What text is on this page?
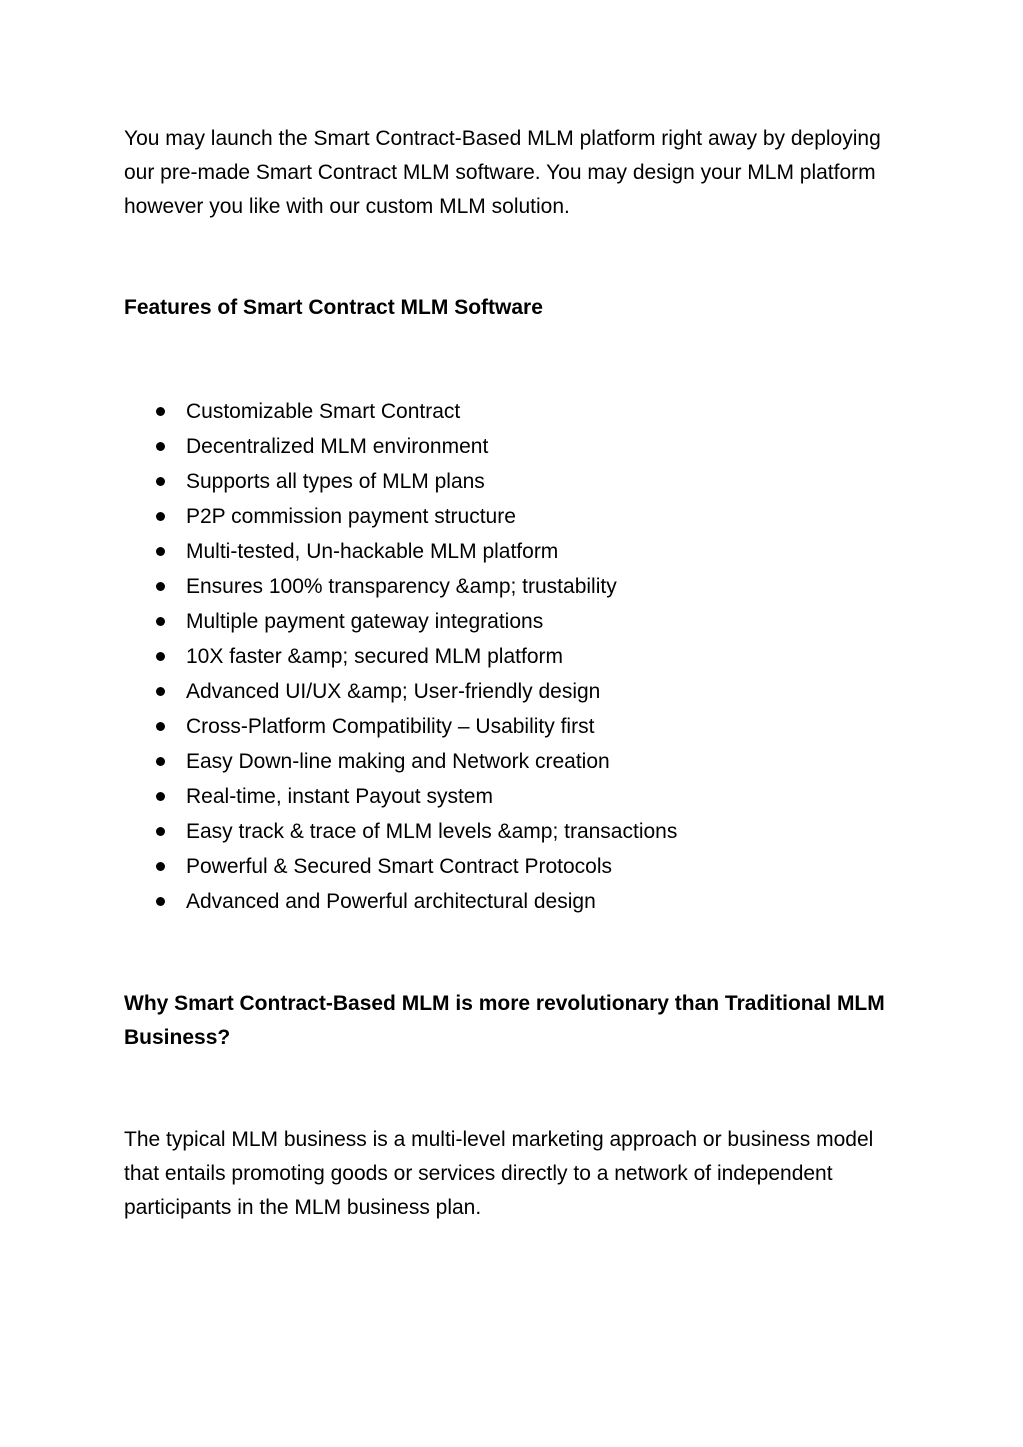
You may launch the Smart Contract-Based MLM platform right away by deploying our pre-made Smart Contract MLM software. You may design your MLM platform however you like with our custom MLM solution.

Features of Smart Contract MLM Software
Customizable Smart Contract
Decentralized MLM environment
Supports all types of MLM plans
P2P commission payment structure
Multi-tested, Un-hackable MLM platform
Ensures 100% transparency &amp; trustability
Multiple payment gateway integrations
10X faster &amp; secured MLM platform
Advanced UI/UX &amp; User-friendly design
Cross-Platform Compatibility – Usability first
Easy Down-line making and Network creation
Real-time, instant Payout system
Easy track & trace of MLM levels &amp; transactions
Powerful & Secured Smart Contract Protocols
Advanced and Powerful architectural design
Why Smart Contract-Based MLM is more revolutionary than Traditional MLM Business?

The typical MLM business is a multi-level marketing approach or business model that entails promoting goods or services directly to a network of independent participants in the MLM business plan.
